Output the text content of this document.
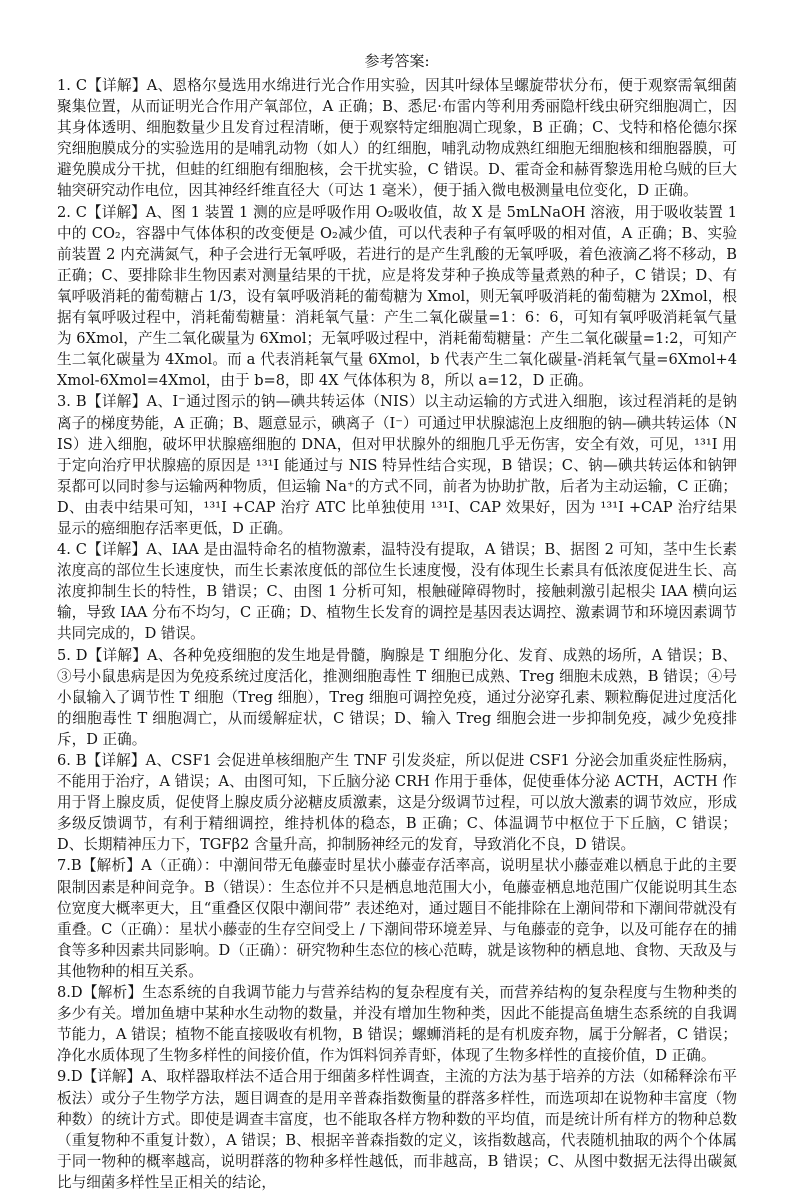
参考答案:

1. C【详解】A、恩格尔曼选用水绵进行光合作用实验，因其叶绿体呈螺旋带状分布，便于观察需氧细菌聚集位置，从而证明光合作用产氧部位，A 正确；B、悉尼·布雷内等利用秀丽隐杆线虫研究细胞凋亡，因其身体透明、细胞数量少且发育过程清晰，便于观察特定细胞凋亡现象，B 正确；C、戈特和格伦德尔探究细胞膜成分的实验选用的是哺乳动物（如人）的红细胞，哺乳动物成熟红细胞无细胞核和细胞器膜，可避免膜成分干扰，但蛙的红细胞有细胞核，会干扰实验，C 错误。D、霍奇金和赫胥黎选用枪乌贼的巨大轴突研究动作电位，因其神经纤维直径大（可达 1 毫米），便于插入微电极测量电位变化，D 正确。

2. C【详解】A、图 1 装置 1 测的应是呼吸作用 O₂吸收值，故 X 是 5mLNaOH 溶液，用于吸收装置 1 中的 CO₂，容器中气体体积的改变便是 O₂减少值，可以代表种子有氧呼吸的相对值，A 正确；B、实验前装置 2 内充满氮气，种子会进行无氧呼吸，若进行的是产生乳酸的无氧呼吸，着色液滴乙将不移动，B 正确；C、要排除非生物因素对测量结果的干扰，应是将发芽种子换成等量煮熟的种子，C 错误；D、有氧呼吸消耗的葡萄糖占 1/3，设有氧呼吸消耗的葡萄糖为 Xmol，则无氧呼吸消耗的葡萄糖为 2Xmol，根据有氧呼吸过程中，消耗葡萄糖量：消耗氧气量：产生二氧化碳量=1：6：6，可知有氧呼吸消耗氧气量为 6Xmol，产生二氧化碳量为 6Xmol；无氧呼吸过程中，消耗葡萄糖量：产生二氧化碳量=1:2，可知产生二氧化碳量为 4Xmol。而 a 代表消耗氧气量 6Xmol，b 代表产生二氧化碳量-消耗氧气量=6Xmol+4Xmol-6Xmol=4Xmol，由于 b=8，即 4X 气体体积为 8，所以 a=12，D 正确。

3. B【详解】A、I⁻通过图示的钠—碘共转运体（NIS）以主动运输的方式进入细胞，该过程消耗的是钠离子的梯度势能，A 正确；B、题意显示，碘离子（I⁻）可通过甲状腺滤泡上皮细胞的钠—碘共转运体（NIS）进入细胞，破坏甲状腺癌细胞的 DNA，但对甲状腺外的细胞几乎无伤害，安全有效，可见，¹³¹I 用于定向治疗甲状腺癌的原因是 ¹³¹I 能通过与 NIS 特异性结合实现，B 错误；C、钠—碘共转运体和钠钾泵都可以同时参与运输两种物质，但运输 Na⁺的方式不同，前者为协助扩散，后者为主动运输，C 正确；D、由表中结果可知，¹³¹I +CAP 治疗 ATC 比单独使用 ¹³¹I、CAP 效果好，因为 ¹³¹I +CAP 治疗结果显示的癌细胞存活率更低，D 正确。

4. C【详解】A、IAA 是由温特命名的植物激素，温特没有提取，A 错误；B、据图 2 可知，茎中生长素浓度高的部位生长速度快，而生长素浓度低的部位生长速度慢，没有体现生长素具有低浓度促进生长、高浓度抑制生长的特性，B 错误；C、由图 1 分析可知，根触碰障碍物时，接触刺激引起根尖 IAA 横向运输，导致 IAA 分布不均匀，C 正确；D、植物生长发育的调控是基因表达调控、激素调节和环境因素调节共同完成的，D 错误。

5. D【详解】A、各种免疫细胞的发生地是骨髓，胸腺是 T 细胞分化、发育、成熟的场所，A 错误；B、③号小鼠患病是因为免疫系统过度活化，推测细胞毒性 T 细胞已成熟、Treg 细胞未成熟，B 错误；④号小鼠输入了调节性 T 细胞（Treg 细胞），Treg 细胞可调控免疫，通过分泌穿孔素、颗粒酶促进过度活化的细胞毒性 T 细胞凋亡，从而缓解症状，C 错误；D、输入 Treg 细胞会进一步抑制免疫，减少免疫排斥，D 正确。

6. B【详解】A、CSF1 会促进单核细胞产生 TNF 引发炎症，所以促进 CSF1 分泌会加重炎症性肠病，不能用于治疗，A 错误；A、由图可知，下丘脑分泌 CRH 作用于垂体，促使垂体分泌 ACTH，ACTH 作用于肾上腺皮质，促使肾上腺皮质分泌糖皮质激素，这是分级调节过程，可以放大激素的调节效应，形成多级反馈调节，有利于精细调控，维持机体的稳态，B 正确；C、体温调节中枢位于下丘脑，C 错误；D、长期精神压力下，TGFβ2 含量升高，抑制肠神经元的发育，导致消化不良，D 错误。

7.B【解析】A（正确）：中潮间带无龟藤壶时星状小藤壶存活率高，说明星状小藤壶难以栖息于此的主要限制因素是种间竞争。B（错误）：生态位并不只是栖息地范围大小，龟藤壶栖息地范围广仅能说明其生态位宽度大概率更大，且“重叠区仅限中潮间带” 表述绝对，通过题目不能排除在上潮间带和下潮间带就没有重叠。C（正确）：星状小藤壶的生存空间受上 / 下潮间带环境差异、与龟藤壶的竞争，以及可能存在的捕食等多种因素共同影响。D（正确）：研究物种生态位的核心范畴，就是该物种的栖息地、食物、天敌及与其他物种的相互关系。

8.D【解析】生态系统的自我调节能力与营养结构的复杂程度有关，而营养结构的复杂程度与生物种类的多少有关。增加鱼塘中某种水生动物的数量，并没有增加生物种类，因此不能提高鱼塘生态系统的自我调节能力，A 错误；植物不能直接吸收有机物，B 错误；螺蛳消耗的是有机废弃物，属于分解者，C 错误；净化水质体现了生物多样性的间接价值，作为饵料饲养青虾，体现了生物多样性的直接价值，D 正确。

9.D【详解】A、取样器取样法不适合用于细菌多样性调查，主流的方法为基于培养的方法（如稀释涂布平板法）或分子生物学方法，题目调查的是用辛普森指数衡量的群落多样性，而选项却在说物种丰富度（物种数）的统计方式。即使是调查丰富度，也不能取各样方物种数的平均值，而是统计所有样方的物种总数（重复物种不重复计数），A 错误；B、根据辛普森指数的定义，该指数越高，代表随机抽取的两个个体属于同一物种的概率越高，说明群落的物种多样性越低，而非越高，B 错误；C、从图中数据无法得出碳氮比与细菌多样性呈正相关的结论，
